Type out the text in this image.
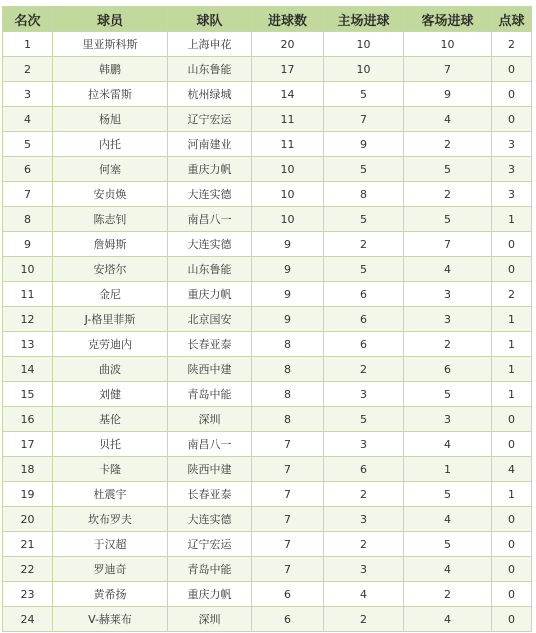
名次	球员	球队	进球数	主场进球	客场进球	点球
1	里亚斯科斯	上海申花	20	10	10	2
2	韩鹏	山东鲁能	17	10	7	0
3	拉米雷斯	杭州绿城	14	5	9	0
4	杨旭	辽宁宏运	11	7	4	0
5	内托	河南建业	11	9	2	3
6	何塞	重庆力帆	10	5	5	3
7	安贞焕	大连实德	10	8	2	3
8	陈志钊	南昌八一	10	5	5	1
9	詹姆斯	大连实德	9	2	7	0
10	安塔尔	山东鲁能	9	5	4	0
11	金尼	重庆力帆	9	6	3	2
12	J-格里菲斯	北京国安	9	6	3	1
13	克劳迪内	长春亚泰	8	6	2	1
14	曲波	陕西中建	8	2	6	1
15	刘健	青岛中能	8	3	5	1
16	基伦	深圳	8	5	3	0
17	贝托	南昌八一	7	3	4	0
18	卡隆	陕西中建	7	6	1	4
19	杜震宇	长春亚泰	7	2	5	1
20	坎布罗夫	大连实德	7	3	4	0
21	于汉超	辽宁宏运	7	2	5	0
22	罗迪奇	青岛中能	7	3	4	0
23	黄希扬	重庆力帆	6	4	2	0
24	V-赫莱布	深圳	6	2	4	0
